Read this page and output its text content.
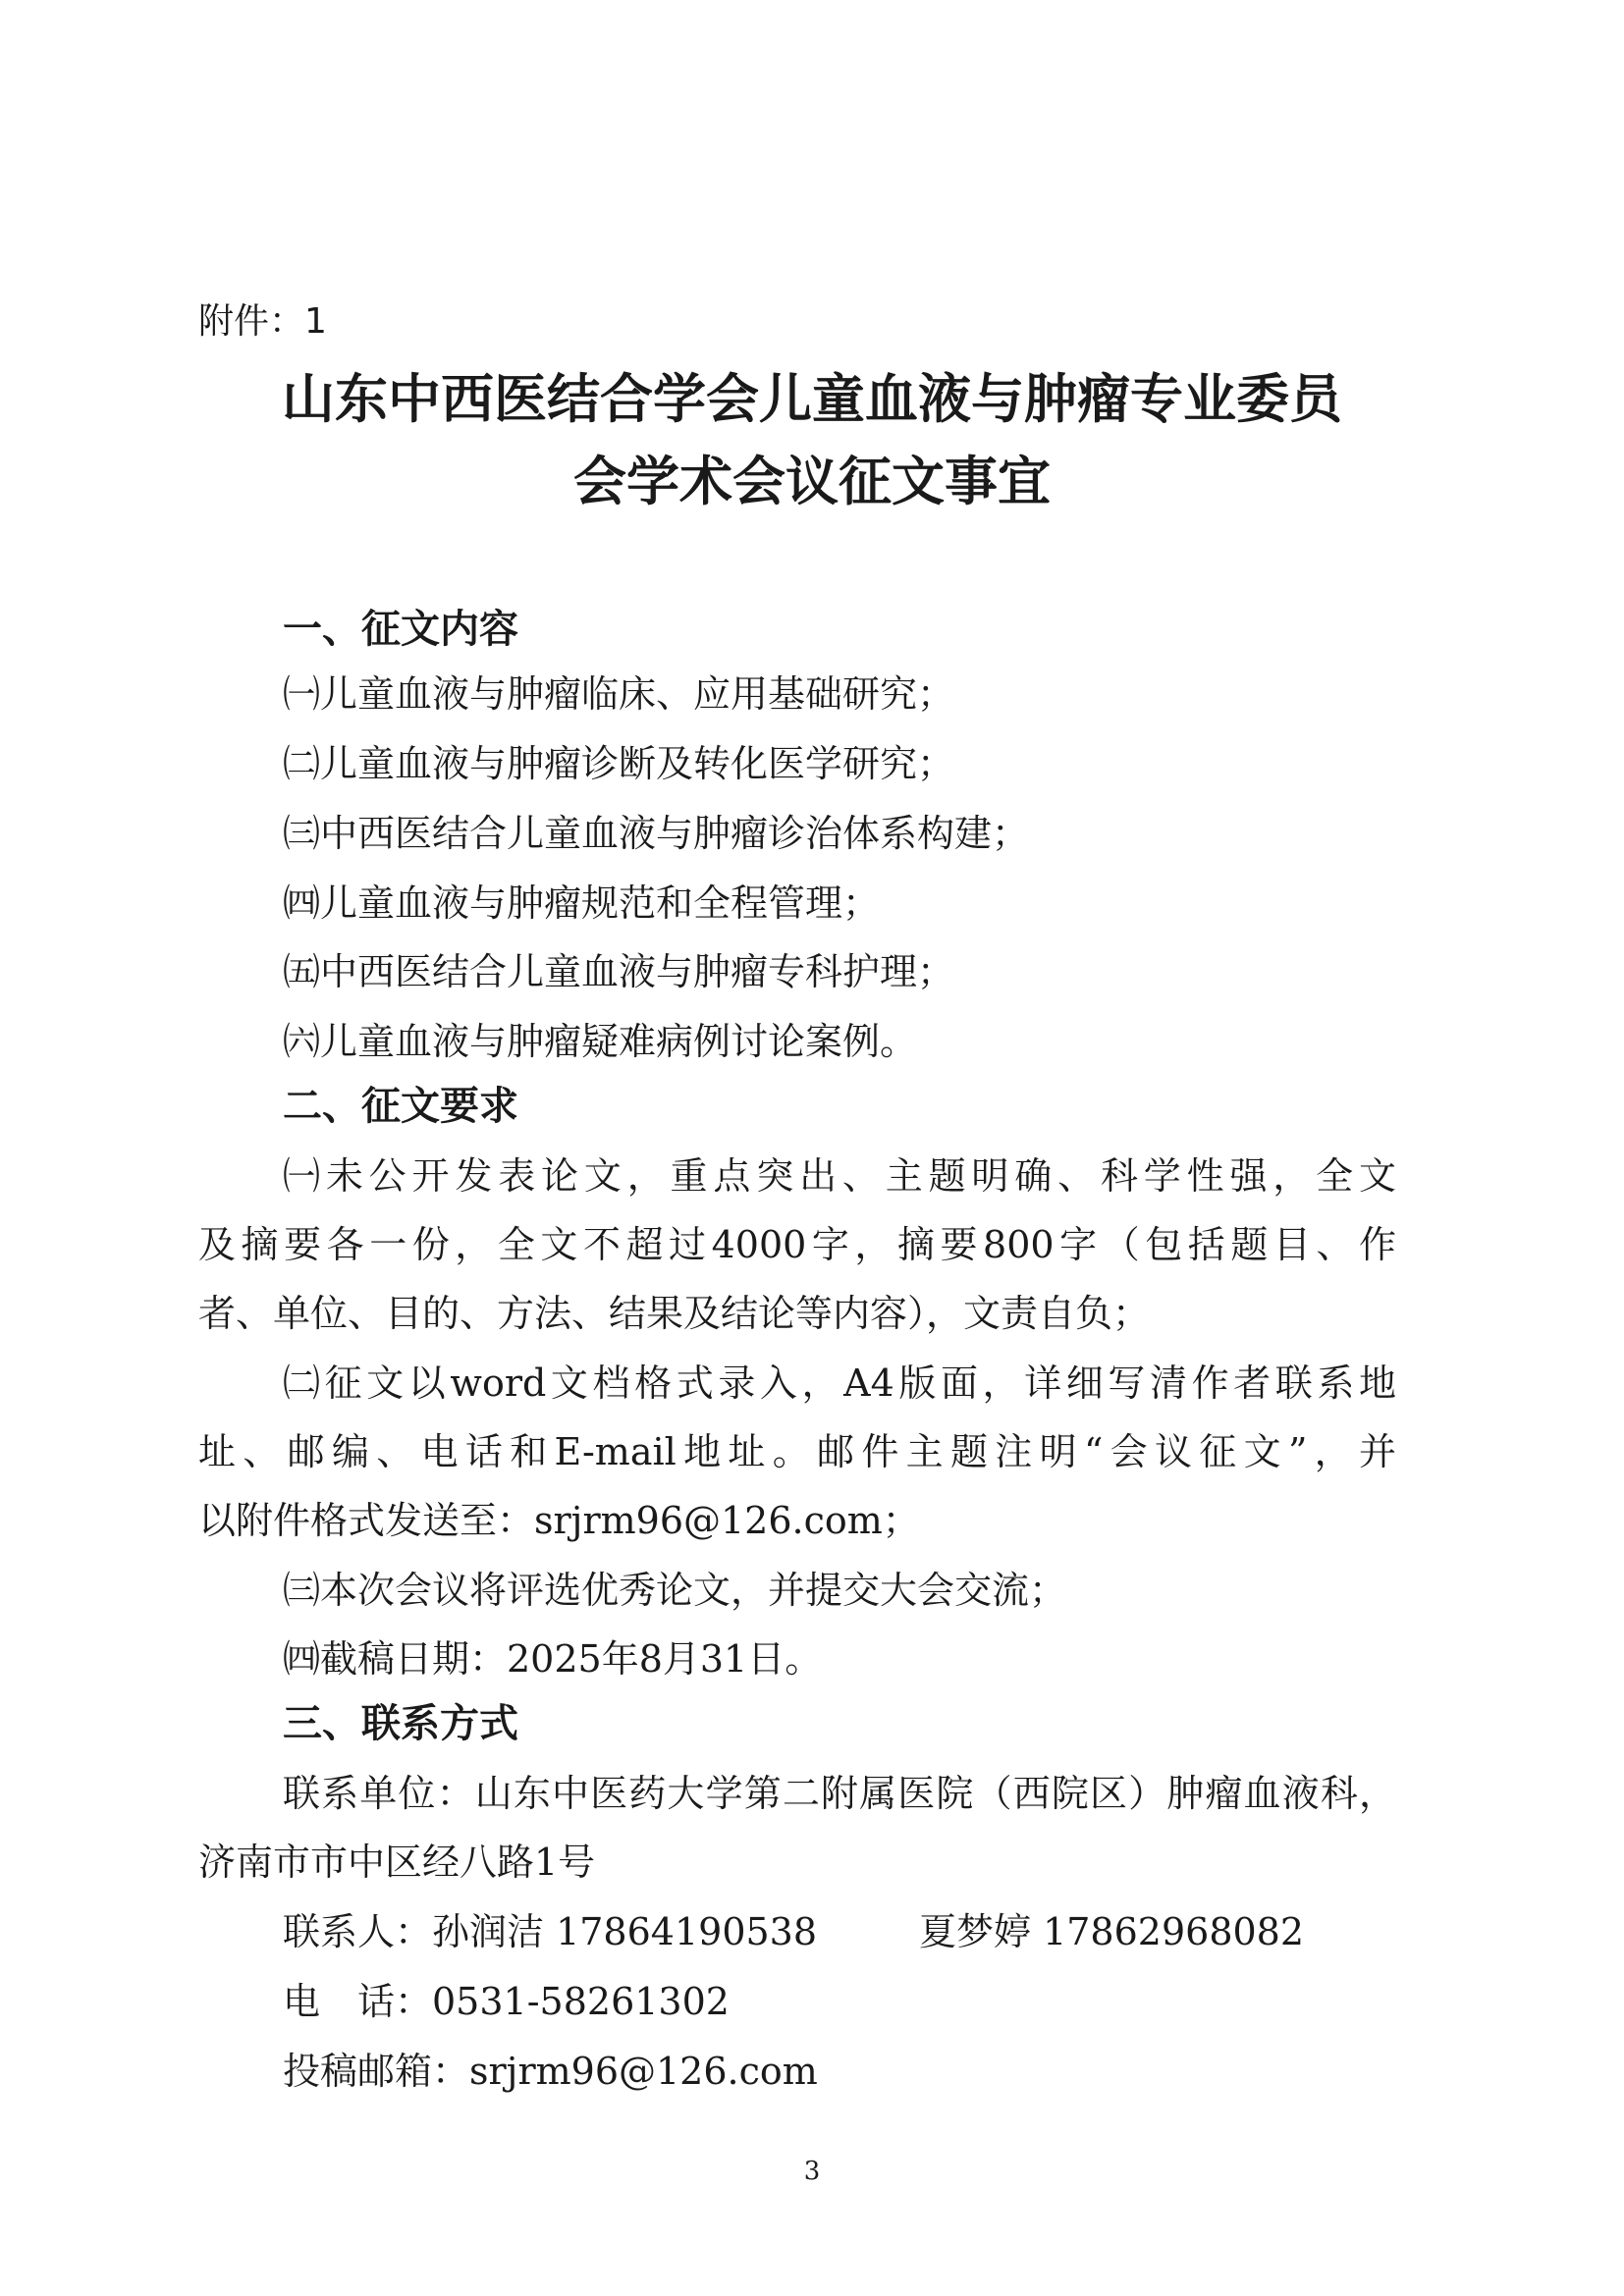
附件：1
山东中西医结合学会儿童血液与肿瘤专业委员
会学术会议征文事宜
一、征文内容
㈠儿童血液与肿瘤临床、应用基础研究；
㈡儿童血液与肿瘤诊断及转化医学研究；
㈢中西医结合儿童血液与肿瘤诊治体系构建；
㈣儿童血液与肿瘤规范和全程管理；
㈤中西医结合儿童血液与肿瘤专科护理；
㈥儿童血液与肿瘤疑难病例讨论案例。
二、征文要求
㈠未公开发表论文，重点突出、主题明确、科学性强，全文
及摘要各一份，全文不超过4000字，摘要800字（包括题目、作
者、单位、目的、方法、结果及结论等内容），文责自负；
㈡征文以word文档格式录入，A4版面，详细写清作者联系地
址、邮编、电话和E-mail地址。邮件主题注明“会议征文”，并
以附件格式发送至：srjrm96@126.com；
㈢本次会议将评选优秀论文，并提交大会交流；
㈣截稿日期：2025年8月31日。
三、联系方式
联系单位：山东中医药大学第二附属医院（西院区）肿瘤血液科，
济南市市中区经八路1号
联系人：孙润洁 17864190538	夏梦婷 17862968082
电　话：0531-58261302
投稿邮箱：srjrm96@126.com
3
